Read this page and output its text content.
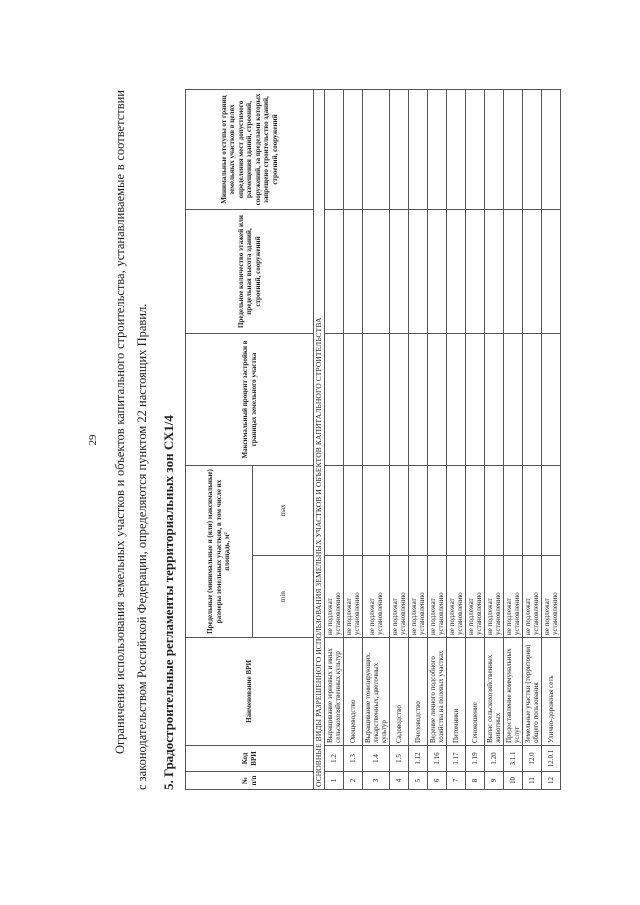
29	Ограничения использования земельных участков и объектов капитального строительства, устанавливаемые в соответствии с законодательством Российской Федерации, определяются пунктом 22 настоящих Правил. 5. Градостроительные регламенты территориальных зон СХ1/4	№ п/п	Код ВРИ	Наименование ВРИ	Предельные (минимальные и (или) максимальные) размеры земельных участков, в том числе их площадь, м²		Максимальный процент застройки в границах земельного участка	Предельное количество этажей или предельная высота зданий, строений, сооружений	Минимальные отступы от границ земельных участков в целях определения мест допустимого размещения зданий, строений, сооружений, за пределами которых запрещено строительство зданий, строений, сооружений
			min	max			
ОСНОВНЫЕ ВИДЫ РАЗРЕШЕННОГО ИСПОЛЬЗОВАНИЯ ЗЕМЕЛЬНЫХ УЧАСТКОВ И ОБЪЕКТОВ КАПИТАЛЬНОГО СТРОИТЕЛЬСТВА							
1	1.2	Выращивание зерновых и иных сельскохозяйственных культур	не подлежат установлению				
2	1.3	Овощеводство	не подлежат установлению				
3	1.4	Выращивание тонизирующих, лекарственных, цветочных культур	не подлежат установлению				
4	1.5	Садоводство	не подлежат установлению				
5	1.12	Пчеловодство	не подлежат установлению				
6	1.16	Ведение личного подсобного хозяйства на полевых участках	не подлежат установлению				
7	1.17	Питомники	не подлежат установлению				
8	1.19	Сенокошение	не подлежат установлению				
9	1.20	Выпас сельскохозяйственных животных	не подлежат установлению				
10	3.1.1	Предоставление коммунальных услуг	не подлежат установлению				
11	12.0	Земельные участки (территории) общего пользования	не подлежат установлению				
12	12.0.1	Улично-дорожная сеть	не подлежат установлению				
